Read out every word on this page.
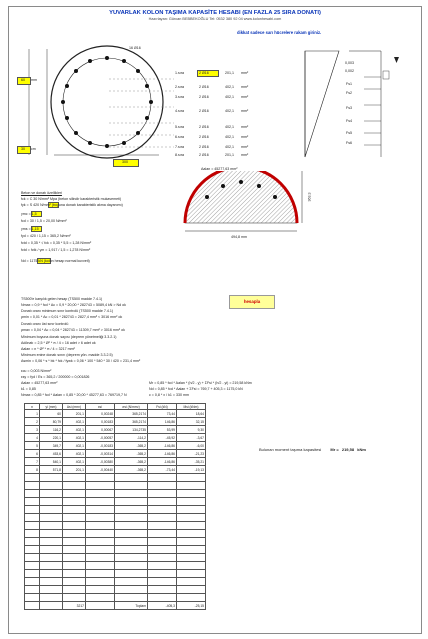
YUVARLAK KOLON TAŞIMA KAPASİTE HESABI (EN FAZLA 25 SIRA DONATI)
Hazırlayan: Gürcan BEBBEKOĞLU Tel: 0532 380 92 04 www.kolonhesabi.com
dikkat sadece sarı hücrelere rakam giriniz.
60
30
16 Ø16
mm
cm
300
1.sıra	2 Ø16	201,1 mm²
2.sıra	2 Ø16	402,1 mm²
3.sıra	2 Ø16	402,1 mm²
4.sıra	2 Ø16	402,1 mm²
5.sıra	2 Ø16	402,1 mm²
6.sıra	2 Ø16	402,1 mm²
7.sıra	2 Ø16	402,1 mm²
8.sıra	2 Ø16	201,1 mm²
0,003
0,002
Fs1
Fs2
Fs3
Fs4
Fs5
Fs6
Aalan = 45277,63 mm²
363,3
494,8 mm
Beton ve donatı özellikleri
fck = C 30 N/mm² Mpa (beton silindir karakteristik mukavemeti)
fyk = S 420 N/mm² (boyuna donatı karakteristik akma dayanımı)
γmc = 1,5
fcd = 30 / 1,5 = 20,00 N/mm²
γms = 1,15
fyd = 420 / 1,15 = 365,2 N/mm²
fctd = 0,35 * √ fck = 0,35 * 5,5 = 1,28 N/mm²
fctd = fctk / γm = 1,917 / 1,5 = 1,278 N/mm²
Nd = 1175 kN (kolon hesap normal kuvveti)
TS500'e karşılık gelen hesap (TS500 madde 7.4.1)
Nmax = 0,9 * fcd * Ac = 0,9 * 20,00 * 282743 = 5089,4 kN > Nd ok
Donatı oranı minimum sınır kontrolü (TS500 madde 7.4.1)
ρmin = 0,01 * Ac = 0,01 * 282743 = 2827,4 mm² < 3016 mm² ok
Donatı oranı üst sınır kontrolü
ρmax = 0,04 * Ac = 0,04 * 282743 = 11309,7 mm² > 3016 mm² ok
Minimum boyuna donatı sayısı (deprem yönetmeliği 3.3.2.1)
Adönatı = 2,5 * Ø² * π / 4 = 16 adet > 6 adet ok
Aalan = n * Ø² * π / 4 = 3217 mm²
Minimum enine donatı sınırı (deprem yön. madde 3.3.2.5)
Asmin = 0,06 * s * bk * fck / fywk = 0,06 * 100 * 540 * 30 / 420 = 231,4 mm²
hesapla
εcu = 0,003 N/mm²
εsy = fyd / Es = 365,2 / 200000 = 0,001826
Aalan = 45277,63 mm²
k1 = 0,85
Nmax = 0,85 * fcd * Aalan = 0,85 * 20,00 * 45277,63 = 769719,7 N
Nd = 0,85 * fcd * Aalan + ΣFsi = 769,7 + 405,3 = 1175,0 kN
c = 0,8 * x / k1 = 330 mm
Mr = 0,85 * fcd * Aalan * (h/2 - y) + ΣFsi * (h/2 - yi) = 219,58 kNm
n	yi (mm)	Asi (mm²)	εsi	σsi (N/mm²)	Fsi (kN)	Msi (kNm)
1	60	201,1	0,00248	365,2174	73,44	18,64
2	80,79	402,1	0,00183	365,2174	146,86	32,15
3	116,2	402,1	0,00067	134,2735	53,99	9,30
4	220,1	402,1	-0,00057	-114,2	-45,92	-3,67
5	349,7	402,1	-0,00183	-365,2	-146,86	-6,00
6	453,6	402,1	-0,00314	-365,2	-146,86	-21,23
7	540,1	402,1	-0,00380	-365,2	-146,86	-35,21
8	571,8	201,1	-0,00440	-365,2	-73,44	-19,13

		3217		Toplam	-405,3	-25,15
Bulunan moment taşıma kapasitesi Mr = 219,58 kNm
